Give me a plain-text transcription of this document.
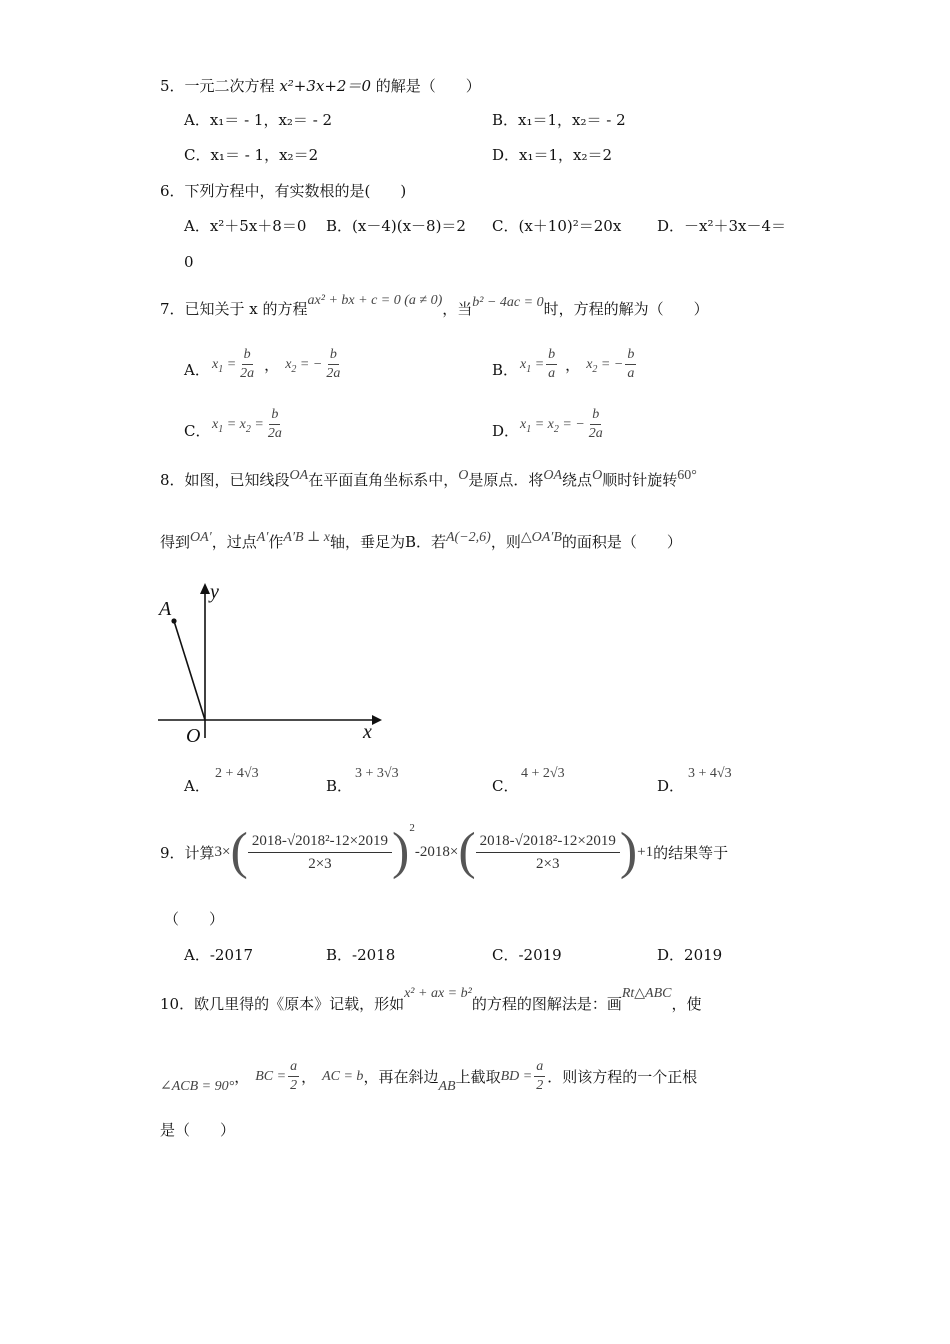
5．一元二次方程 x²+3x+2＝0 的解是（　　）
A．x₁＝ - 1，x₂＝ - 2	B．x₁＝1，x₂＝ - 2
C．x₁＝ - 1，x₂＝2	D．x₁＝1，x₂＝2
6．下列方程中，有实数根的是(　　)
A．x²＋5x＋8＝0 B．(x－4)(x－8)＝2 C．(x＋10)²＝20x D．－x²＋3x－4＝
0
7．已知关于 x 的方程ax² + bx + c = 0 (a ≠ 0)，当b² − 4ac = 0时，方程的解为（　　）
A． $x_1 = \frac{b}{2a}$ ， $x_2$ = − $\frac{b}{2a}$	B． $x_1 = \frac{b}{a}$ ， $x_2$ = − $\frac{b}{a}$
C． $x_1 = x_2 = \frac{b}{2a}$	D． $x_1 = x_2$ = − $\frac{b}{2a}$
8．如图，已知线段OA在平面直角坐标系中，O是原点．将OA绕点O顺时针旋转60°
得到OA′，过点A′作A′B ⊥ x轴，垂足为B．若A(−2,6)，则△OA′B的面积是（　　）
A
y
O	x
A．
2 + 4√3
B．
3 + 3√3
C．
4 + 2√3
D．
3 + 4√3
9．计算 3× ( $\frac{\text{2018-√2018²-12×2019}}{2\times 3}$ ) 2
-2018× ( $\frac{\text{2018-√2018²-12×2019}}{2\times 3}$ ) +1 的结果等于
（　　）
A．-2017	B．-2018	C．-2019	D．2019
10．欧几里得的《原本》记载，形如x² + ax = b²的方程的图解法是：画Rt△ABC，使
∠ACB = 90°
， BC = $\frac{a}{2}$ ， AC = b ，再在斜边 AB 上截取 BD = $\frac{a}{2}$ ．则该方程的一个正根
是（　　）
